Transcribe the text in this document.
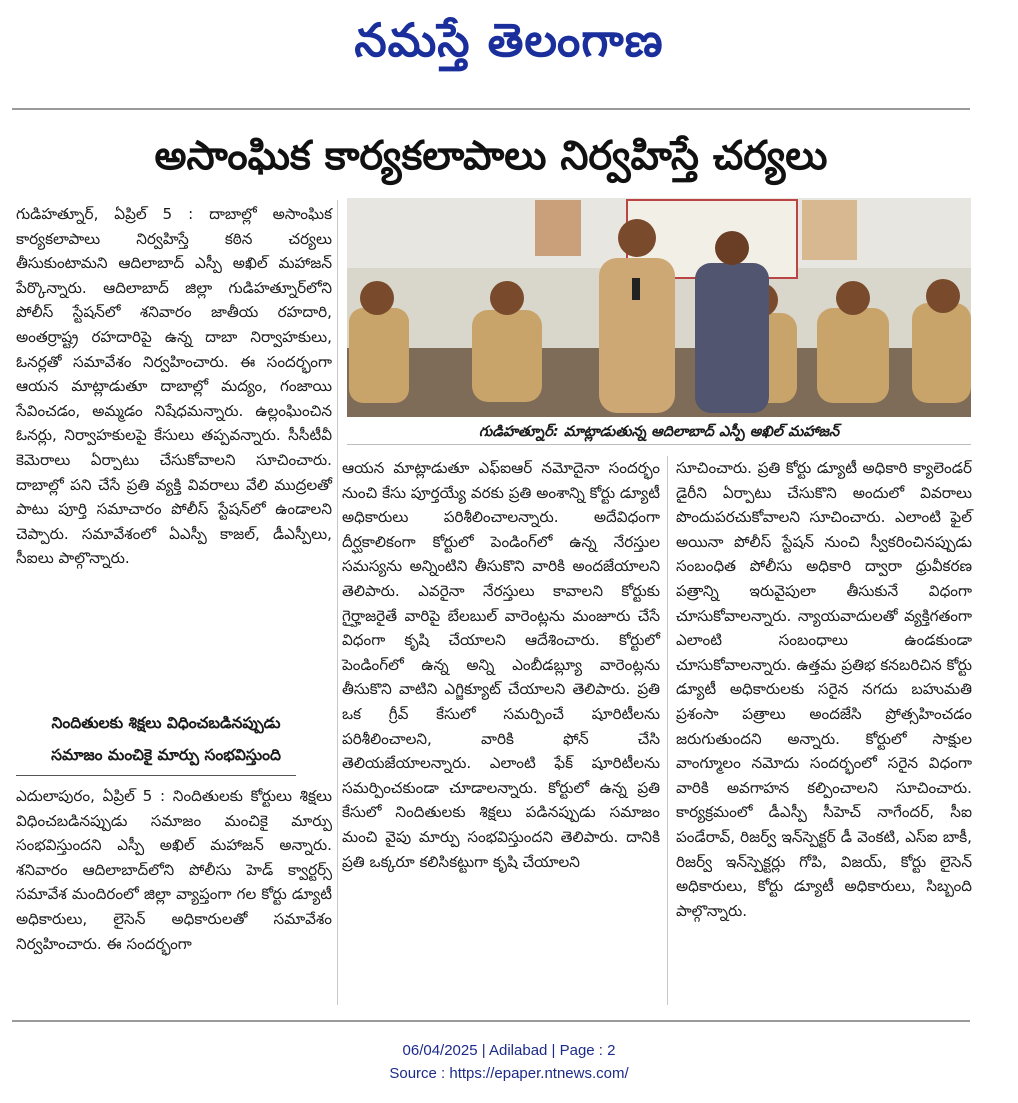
నమస్తే తెలంగాణ
అసాంఘిక కార్యకలాపాలు నిర్వహిస్తే చర్యలు
గుడిహత్నూర్: మాట్లాడుతున్న ఆదిలాబాద్ ఎస్పీ అఖిల్ మహాజన్

గుడిహత్నూర్, ఏప్రిల్ 5 : దాబాల్లో అసాంఘిక కార్యకలాపాలు నిర్వహిస్తే కఠిన చర్యలు తీసుకుంటామని ఆదిలాబాద్ ఎస్పీ అఖిల్ మహాజన్ పేర్కొన్నారు. ఆదిలాబాద్ జిల్లా గుడిహత్నూర్‌లోని పోలీస్ స్టేషన్‌లో శనివారం జాతీయ రహదారి, అంతర్రాష్ట్ర రహదారిపై ఉన్న దాబా నిర్వాహకులు, ఓనర్లతో సమావేశం నిర్వహించారు. ఈ సందర్భంగా ఆయన మాట్లాడుతూ దాబాల్లో మద్యం, గంజాయి సేవించడం, అమ్మడం నిషేధమన్నారు. ఉల్లంఘించిన ఓనర్లు, నిర్వాహకులపై కేసులు తప్పవన్నారు. సీసీటీవీ కెమెరాలు ఏర్పాటు చేసుకోవాలని సూచించారు. దాబాల్లో పని చేసే ప్రతి వ్యక్తి వివరాలు వేలి ముద్రలతో పాటు పూర్తి సమాచారం పోలీస్ స్టేషన్‌లో ఉండాలని చెప్పారు. సమావేశంలో ఏఎస్పీ కాజల్, డీఎస్పీలు, సీఐలు పాల్గొన్నారు.

నిందితులకు శిక్షలు విధించబడినప్పుడు
సమాజం మంచికై మార్పు సంభవిస్తుంది

ఎదులాపురం, ఏప్రిల్ 5 : నిందితులకు కోర్టులు శిక్షలు విధించబడినప్పుడు సమాజం మంచికై మార్పు సంభవిస్తుందని ఎస్పీ అఖిల్ మహాజన్ అన్నారు. శనివారం ఆదిలాబాద్‌లోని పోలీసు హెడ్ క్వార్టర్స్ సమావేశ మందిరంలో జిల్లా వ్యాప్తంగా గల కోర్టు డ్యూటీ అధికారులు, లైసెన్ అధికారులతో సమావేశం నిర్వహించారు. ఈ సందర్భంగా

ఆయన మాట్లాడుతూ ఎఫ్ఐఆర్ నమోదైనా సందర్భం నుంచి కేసు పూర్తయ్యే వరకు ప్రతి అంశాన్ని కోర్టు డ్యూటీ అధికారులు పరిశీలించాలన్నారు. అదేవిధంగా దీర్ఘకాలికంగా కోర్టులో పెండింగ్‌లో ఉన్న నేరస్తుల సమస్యను అన్నింటిని తీసుకొని వారికి అందజేయాలని తెలిపారు. ఎవరైనా నేరస్తులు కావాలని కోర్టుకు గైర్హాజరైతే వారిపై బేలబుల్ వారెంట్లను మంజూరు చేసే విధంగా కృషి చేయాలని ఆదేశించారు. కోర్టులో పెండింగ్‌లో ఉన్న అన్ని ఎంబీడబ్ల్యూ వారెంట్లను తీసుకొని వాటిని ఎగ్జిక్యూట్ చేయాలని తెలిపారు. ప్రతి ఒక గ్రీవ్ కేసులో సమర్పించే షూరిటీలను పరిశీలించాలని, వారికి ఫోన్ చేసి తెలియజేయాలన్నారు. ఎలాంటి ఫేక్ షూరిటీలను సమర్పించకుండా చూడాలన్నారు. కోర్టులో ఉన్న ప్రతి కేసులో నిందితులకు శిక్షలు పడినప్పుడు సమాజం మంచి వైపు మార్పు సంభవిస్తుందని తెలిపారు. దానికి ప్రతి ఒక్కరూ కలిసికట్టుగా కృషి చేయాలని

సూచించారు. ప్రతి కోర్టు డ్యూటీ అధికారి క్యాలెండర్ డైరీని ఏర్పాటు చేసుకొని అందులో వివరాలు పొందుపరచుకోవాలని సూచించారు. ఎలాంటి ఫైల్ అయినా పోలీస్ స్టేషన్ నుంచి స్వీకరించినప్పుడు సంబంధిత పోలీసు అధికారి ద్వారా ధ్రువీకరణ పత్రాన్ని ఇరువైపులా తీసుకునే విధంగా చూసుకోవాలన్నారు. న్యాయవాదులతో వ్యక్తిగతంగా ఎలాంటి సంబంధాలు ఉండకుండా చూసుకోవాలన్నారు. ఉత్తమ ప్రతిభ కనబరిచిన కోర్టు డ్యూటీ అధికారులకు సరైన నగదు బహుమతి ప్రశంసా పత్రాలు అందజేసి ప్రోత్సహించడం జరుగుతుందని అన్నారు. కోర్టులో సాక్షుల వాంగ్మూలం నమోదు సందర్భంలో సరైన విధంగా వారికి అవగాహన కల్పించాలని సూచించారు. కార్యక్రమంలో డీఎస్పీ సీహెచ్ నాగేందర్, సీఐ పండేరావ్, రిజర్వ్ ఇన్‌స్పెక్టర్ డీ వెంకటి, ఎస్ఐ బాకీ, రిజర్వ్ ఇన్‌స్పెక్టర్లు గోపి, విజయ్, కోర్టు లైసెన్ అధికారులు, కోర్టు డ్యూటీ అధికారులు, సిబ్బంది పాల్గొన్నారు.

06/04/2025 | Adilabad | Page : 2
Source : https://epaper.ntnews.com/
